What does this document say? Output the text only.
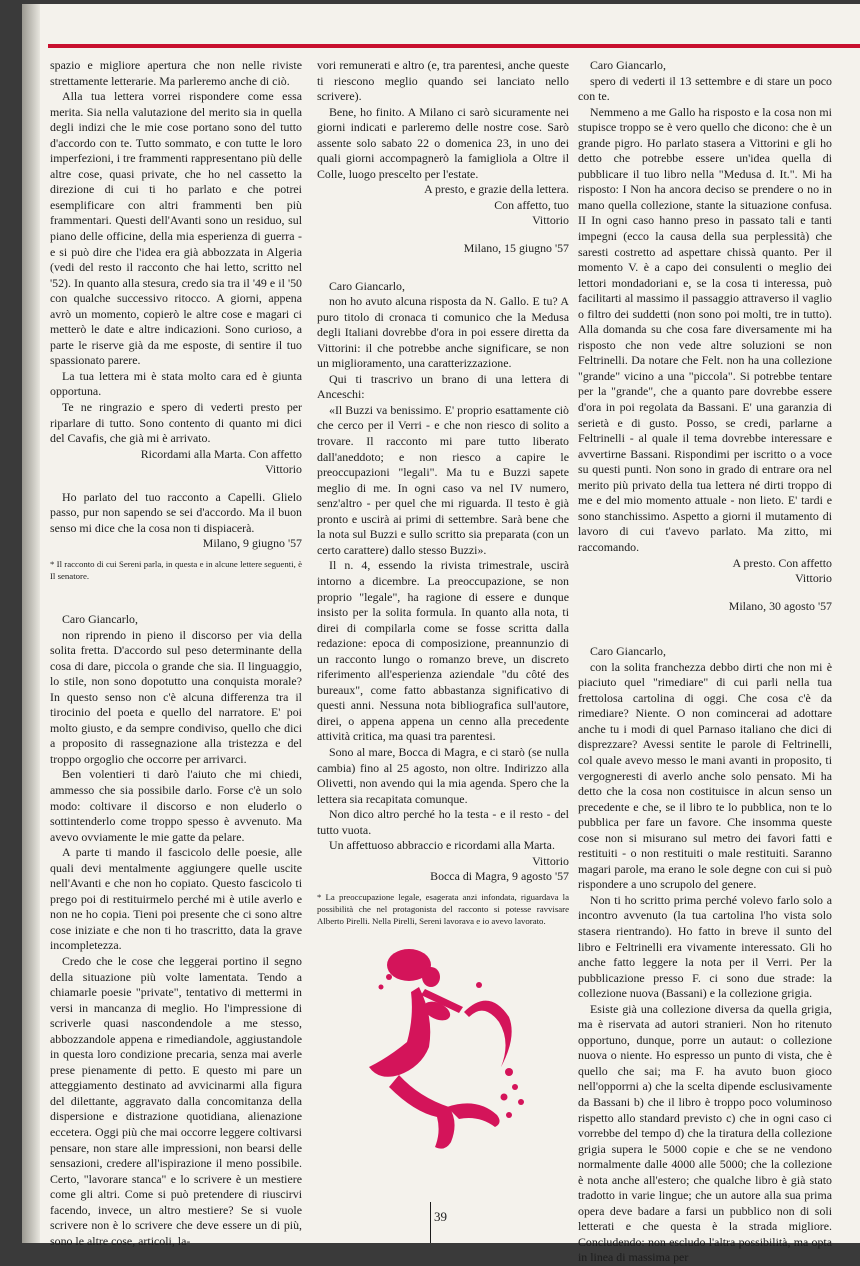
spazio e migliore apertura che non nelle riviste strettamente letterarie. Ma parleremo anche di ciò.

Alla tua lettera vorrei rispondere come essa merita. Sia nella valutazione del merito sia in quella degli indizi che le mie cose portano sono del tutto d'accordo con te. Tutto sommato, e con tutte le loro imperfezioni, i tre frammenti rappresentano più delle altre cose, quasi private, che ho nel cassetto la direzione di cui ti ho parlato e che potrei esemplificare con altri frammenti ben più frammentari. Questi dell'Avanti sono un residuo, sul piano delle officine, della mia esperienza di guerra - e si può dire che l'idea era già abbozzata in Algeria (vedi del resto il racconto che hai letto, scritto nel '52). In quanto alla stesura, credo sia tra il '49 e il '50 con qualche successivo ritocco. A giorni, appena avrò un momento, copierò le altre cose e magari ci metterò le date e altre indicazioni. Sono curioso, a parte le riserve già da me esposte, di sentire il tuo spassionato parere.

La tua lettera mi è stata molto cara ed è giunta opportuna.

Te ne ringrazio e spero di vederti presto per riparlare di tutto. Sono contento di quanto mi dici del Cavafis, che già mi è arrivato.

Ricordami alla Marta. Con affetto

Vittorio

Ho parlato del tuo racconto a Capelli. Glielo passo, pur non sapendo se sei d'accordo. Ma il buon senso mi dice che la cosa non ti dispiacerà.

Milano, 9 giugno '57

* Il racconto di cui Sereni parla, in questa e in alcune lettere seguenti, è Il senatore.

Caro Giancarlo,

non riprendo in pieno il discorso per via della solita fretta. D'accordo sul peso determinante della cosa di dare, piccola o grande che sia. Il linguaggio, lo stile, non sono dopotutto una conquista morale? In questo senso non c'è alcuna differenza tra il tirocinio del poeta e quello del narratore. E' poi molto giusto, e da sempre condiviso, quello che dici a proposito di rassegnazione alla tristezza e del troppo orgoglio che occorre per arrivarci.

Ben volentieri ti darò l'aiuto che mi chiedi, ammesso che sia possibile darlo. Forse c'è un solo modo: coltivare il discorso e non eluderlo o sottintenderlo come troppo spesso è avvenuto. Ma avevo ovviamente le mie gatte da pelare.

A parte ti mando il fascicolo delle poesie, alle quali devi mentalmente aggiungere quelle uscite nell'Avanti e che non ho copiato. Questo fascicolo ti prego poi di restituirmelo perché mi è utile averlo e non ne ho copia. Tieni poi presente che ci sono altre cose iniziate e che non ti ho trascritto, data la grave incompletezza.

Credo che le cose che leggerai portino il segno della situazione più volte lamentata. Tendo a chiamarle poesie "private", tentativo di mettermi in versi in mancanza di meglio. Ho l'impressione di scriverle quasi nascondendole a me stesso, abbozzandole appena e rimediandole, aggiustandole in questa loro condizione precaria, senza mai averle prese pienamente di petto. E questo mi pare un atteggiamento destinato ad avvicinarmi alla figura del dilettante, aggravato dalla concomitanza della dispersione e distrazione quotidiana, alienazione eccetera. Oggi più che mai occorre leggere coltivarsi pensare, non stare alle impressioni, non bearsi delle sensazioni, credere all'ispirazione il meno possibile. Certo, "lavorare stanca" e lo scrivere è un mestiere come gli altri. Come si può pretendere di riuscirvi facendo, invece, un altro mestiere? Se si vuole scrivere non è lo scrivere che deve essere un di più, sono le altre cose, articoli, la-

vori remunerati e altro (e, tra parentesi, anche queste ti riescono meglio quando sei lanciato nello scrivere).

Bene, ho finito. A Milano ci sarò sicuramente nei giorni indicati e parleremo delle nostre cose. Sarò assente solo sabato 22 o domenica 23, in uno dei quali giorni accompagnerò la famigliola a Oltre il Colle, luogo prescelto per l'estate.

A presto, e grazie della lettera.

Con affetto, tuo

Vittorio

Milano, 15 giugno '57

Caro Giancarlo,

non ho avuto alcuna risposta da N. Gallo. E tu? A puro titolo di cronaca ti comunico che la Medusa degli Italiani dovrebbe d'ora in poi essere diretta da Vittorini: il che potrebbe anche significare, se non un miglioramento, una caratterizzazione.

Qui ti trascrivo un brano di una lettera di Anceschi:

«Il Buzzi va benissimo. E' proprio esattamente ciò che cerco per il Verri - e che non riesco di solito a trovare. Il racconto mi pare tutto liberato dall'aneddoto; e non riesco a capire le preoccupazioni "legali". Ma tu e Buzzi sapete meglio di me. In ogni caso va nel IV numero, senz'altro - per quel che mi riguarda. Il testo è già pronto e uscirà ai primi di settembre. Sarà bene che la nota sul Buzzi e sullo scritto sia preparata (con un certo carattere) dallo stesso Buzzi».

Il n. 4, essendo la rivista trimestrale, uscirà intorno a dicembre. La preoccupazione, se non proprio "legale", ha ragione di essere e dunque insisto per la solita formula. In quanto alla nota, ti direi di compilarla come se fosse scritta dalla redazione: epoca di composizione, preannunzio di un racconto lungo o romanzo breve, un discreto riferimento all'esperienza aziendale "du côté des bureaux", come fatto abbastanza significativo di questi anni. Nessuna nota bibliografica sull'autore, direi, o appena appena un cenno alla precedente attività critica, ma quasi tra parentesi.

Sono al mare, Bocca di Magra, e ci starò (se nulla cambia) fino al 25 agosto, non oltre. Indirizzo alla Olivetti, non avendo qui la mia agenda. Spero che la lettera sia recapitata comunque.

Non dico altro perché ho la testa - e il resto - del tutto vuota.

Un affettuoso abbraccio e ricordami alla Marta.

Vittorio

Bocca di Magra, 9 agosto '57

* La preoccupazione legale, esagerata anzi infondata, riguardava la possibilità che nel protagonista del racconto si potesse ravvisare Alberto Pirelli. Nella Pirelli, Sereni lavorava e io avevo lavorato.

Caro Giancarlo,

spero di vederti il 13 settembre e di stare un poco con te.

Nemmeno a me Gallo ha risposto e la cosa non mi stupisce troppo se è vero quello che dicono: che è un grande pigro. Ho parlato stasera a Vittorini e gli ho detto che potrebbe essere un'idea quella di pubblicare il tuo libro nella "Medusa d. It.". Mi ha risposto: I Non ha ancora deciso se prendere o no in mano quella collezione, stante la situazione confusa. II In ogni caso hanno preso in passato tali e tanti impegni (ecco la causa della sua perplessità) che saresti costretto ad aspettare chissà quanto. Per il momento V. è a capo dei consulenti o meglio dei lettori mondadoriani e, se la cosa ti interessa, può facilitarti al massimo il passaggio attraverso il vaglio o filtro dei suddetti (non sono poi molti, tre in tutto). Alla domanda su che cosa fare diversamente mi ha risposto che non vede altre soluzioni se non Feltrinelli. Da notare che Felt. non ha una collezione "grande" vicino a una "piccola". Si potrebbe tentare per la "grande", che a quanto pare dovrebbe essere d'ora in poi regolata da Bassani. E' una garanzia di serietà e di gusto. Posso, se credi, parlarne a Feltrinelli - al quale il tema dovrebbe interessare e avvertirne Bassani. Rispondimi per iscritto o a voce su questi punti. Non sono in grado di entrare ora nel merito più privato della tua lettera né dirti troppo di me e del mio momento attuale - non lieto. E' tardi e sono stanchissimo. Aspetto a giorni il mutamento di lavoro di cui t'avevo parlato. Ma zitto, mi raccomando.

A presto. Con affetto

Vittorio

Milano, 30 agosto '57

Caro Giancarlo,

con la solita franchezza debbo dirti che non mi è piaciuto quel "rimediare" di cui parli nella tua frettolosa cartolina di oggi. Che cosa c'è da rimediare? Niente. O non comincerai ad adottare anche tu i modi di quel Parnaso italiano che dici di disprezzare? Avessi sentite le parole di Feltrinelli, col quale avevo messo le mani avanti in proposito, ti vergogneresti di averlo anche solo pensato. Mi ha detto che la cosa non costituisce in alcun senso un precedente e che, se il libro te lo pubblica, non te lo pubblica per fare un favore. Che insomma queste cose non si misurano sul metro dei favori fatti e restituiti - o non restituiti o male restituiti. Saranno magari parole, ma erano le sole degne con cui si può rispondere a uno scrupolo del genere.

Non ti ho scritto prima perché volevo farlo solo a incontro avvenuto (la tua cartolina l'ho vista solo stasera rientrando). Ho fatto in breve il sunto del libro e Feltrinelli era vivamente interessato. Gli ho anche fatto leggere la nota per il Verri. Per la pubblicazione presso F. ci sono due strade: la collezione nuova (Bassani) e la collezione grigia.

Esiste già una collezione diversa da quella grigia, ma è riservata ad autori stranieri. Non ho ritenuto opportuno, dunque, porre un autaut: o collezione nuova o niente. Ho espresso un punto di vista, che è quello che sai; ma F. ha avuto buon gioco nell'opporrni a) che la scelta dipende esclusivamente da Bassani b) che il libro è troppo poco voluminoso rispetto allo standard previsto c) che in ogni caso ci vorrebbe del tempo d) che la tiratura della collezione grigia supera le 5000 copie e che se ne vendono normalmente dalle 4000 alle 5000; che la collezione è nota anche all'estero; che qualche libro è già stato tradotto in varie lingue; che un autore alla sua prima opera deve badare a farsi un pubblico non di soli letterati e che questa è la strada migliore. Concludendo: non escludo l'altra possibilità, ma opta in linea di massima per

39
